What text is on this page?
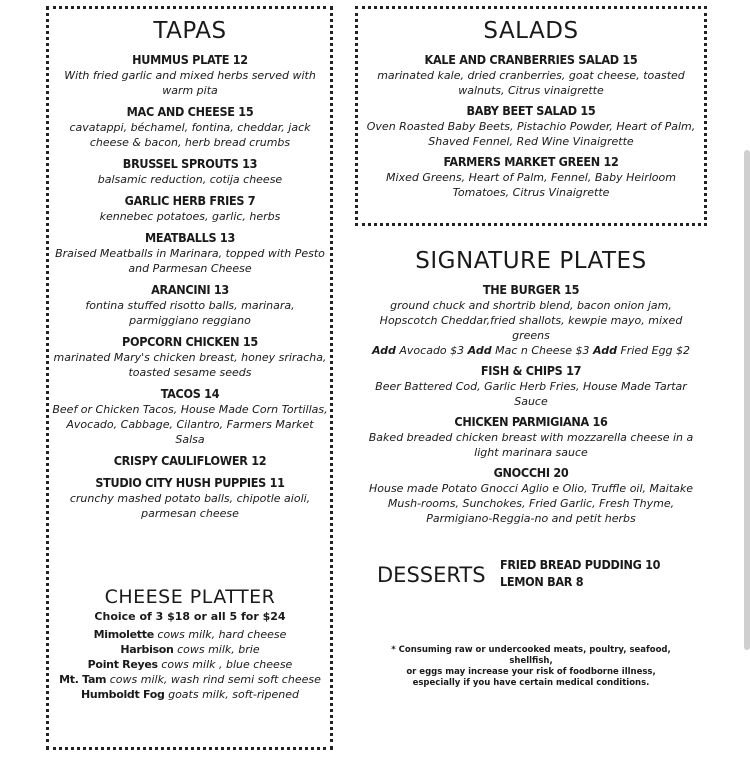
TAPAS
HUMMUS PLATE 12
With fried garlic and mixed herbs served with warm pita
MAC AND CHEESE 15
cavatappi, béchamel, fontina, cheddar, jack cheese & bacon, herb bread crumbs
BRUSSEL SPROUTS 13
balsamic reduction, cotija cheese
GARLIC HERB FRIES 7
kennebec potatoes, garlic, herbs
MEATBALLS 13
Braised Meatballs in Marinara, topped with Pesto and Parmesan Cheese
ARANCINI 13
fontina stuffed risotto balls, marinara, parmiggiano reggiano
POPCORN CHICKEN 15
marinated Mary's chicken breast, honey sriracha, toasted sesame seeds
TACOS 14
Beef or Chicken Tacos, House Made Corn Tortillas, Avocado, Cabbage, Cilantro, Farmers Market Salsa
CRISPY CAULIFLOWER 12
STUDIO CITY HUSH PUPPIES 11
crunchy mashed potato balls, chipotle aioli, parmesan cheese
CHEESE PLATTER
Choice of 3 $18 or all 5 for $24
Mimolette cows milk, hard cheese
Harbison cows milk, brie
Point Reyes cows milk , blue cheese
Mt. Tam cows milk, wash rind semi soft cheese
Humboldt Fog goats milk, soft-ripened
SALADS
KALE AND CRANBERRIES SALAD 15
marinated kale, dried cranberries, goat cheese, toasted walnuts, Citrus vinaigrette
BABY BEET SALAD 15
Oven Roasted Baby Beets, Pistachio Powder, Heart of Palm, Shaved Fennel, Red Wine Vinaigrette
FARMERS MARKET GREEN 12
Mixed Greens, Heart of Palm, Fennel, Baby Heirloom Tomatoes, Citrus Vinaigrette
SIGNATURE PLATES
THE BURGER 15
ground chuck and shortrib blend, bacon onion jam, Hopscotch Cheddar,fried shallots, kewpie mayo, mixed greens
Add Avocado $3 Add Mac n Cheese $3 Add Fried Egg $2
FISH & CHIPS 17
Beer Battered Cod, Garlic Herb Fries, House Made Tartar Sauce
CHICKEN PARMIGIANA 16
Baked breaded chicken breast with mozzarella cheese in a light marinara sauce
GNOCCHI 20
House made Potato Gnocci Aglio e Olio, Truffle oil, Maitake Mush-rooms, Sunchokes, Fried Garlic, Fresh Thyme, Parmigiano-Reggia-no and petit herbs
DESSERTS FRIED BREAD PUDDING 10
LEMON BAR 8
* Consuming raw or undercooked meats, poultry, seafood, shellfish,
or eggs may increase your risk of foodborne illness,
especially if you have certain medical conditions.
